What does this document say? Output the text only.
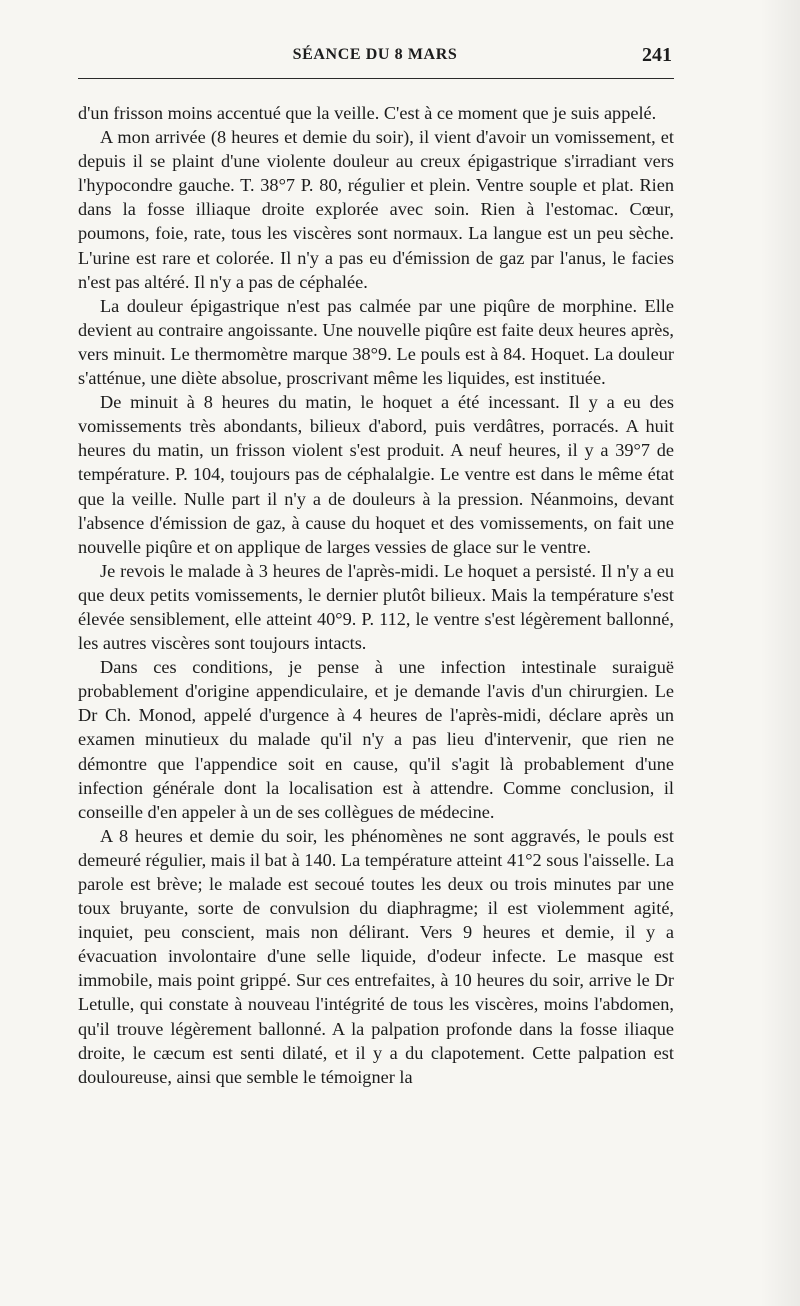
SÉANCE DU 8 MARS	241

d'un frisson moins accentué que la veille. C'est à ce moment que je suis appelé.

A mon arrivée (8 heures et demie du soir), il vient d'avoir un vomissement, et depuis il se plaint d'une violente douleur au creux épigastrique s'irradiant vers l'hypocondre gauche. T. 38°7 P. 80, régulier et plein. Ventre souple et plat. Rien dans la fosse illiaque droite explorée avec soin. Rien à l'estomac. Cœur, poumons, foie, rate, tous les viscères sont normaux. La langue est un peu sèche. L'urine est rare et colorée. Il n'y a pas eu d'émission de gaz par l'anus, le facies n'est pas altéré. Il n'y a pas de céphalée.

La douleur épigastrique n'est pas calmée par une piqûre de morphine. Elle devient au contraire angoissante. Une nouvelle piqûre est faite deux heures après, vers minuit. Le thermomètre marque 38°9. Le pouls est à 84. Hoquet. La douleur s'atténue, une diète absolue, proscrivant même les liquides, est instituée.

De minuit à 8 heures du matin, le hoquet a été incessant. Il y a eu des vomissements très abondants, bilieux d'abord, puis verdâtres, porracés. A huit heures du matin, un frisson violent s'est produit. A neuf heures, il y a 39°7 de température. P. 104, toujours pas de céphalalgie. Le ventre est dans le même état que la veille. Nulle part il n'y a de douleurs à la pression. Néanmoins, devant l'absence d'émission de gaz, à cause du hoquet et des vomissements, on fait une nouvelle piqûre et on applique de larges vessies de glace sur le ventre.

Je revois le malade à 3 heures de l'après-midi. Le hoquet a persisté. Il n'y a eu que deux petits vomissements, le dernier plutôt bilieux. Mais la température s'est élevée sensiblement, elle atteint 40°9. P. 112, le ventre s'est légèrement ballonné, les autres viscères sont toujours intacts.

Dans ces conditions, je pense à une infection intestinale suraiguë probablement d'origine appendiculaire, et je demande l'avis d'un chirurgien. Le Dr Ch. Monod, appelé d'urgence à 4 heures de l'après-midi, déclare après un examen minutieux du malade qu'il n'y a pas lieu d'intervenir, que rien ne démontre que l'appendice soit en cause, qu'il s'agit là probablement d'une infection générale dont la localisation est à attendre. Comme conclusion, il conseille d'en appeler à un de ses collègues de médecine.

A 8 heures et demie du soir, les phénomènes ne sont aggravés, le pouls est demeuré régulier, mais il bat à 140. La température atteint 41°2 sous l'aisselle. La parole est brève; le malade est secoué toutes les deux ou trois minutes par une toux bruyante, sorte de convulsion du diaphragme; il est violemment agité, inquiet, peu conscient, mais non délirant. Vers 9 heures et demie, il y a évacuation involontaire d'une selle liquide, d'odeur infecte. Le masque est immobile, mais point grippé. Sur ces entrefaites, à 10 heures du soir, arrive le Dr Letulle, qui constate à nouveau l'intégrité de tous les viscères, moins l'abdomen, qu'il trouve légèrement ballonné. A la palpation profonde dans la fosse iliaque droite, le cæcum est senti dilaté, et il y a du clapotement. Cette palpation est douloureuse, ainsi que semble le témoigner la
